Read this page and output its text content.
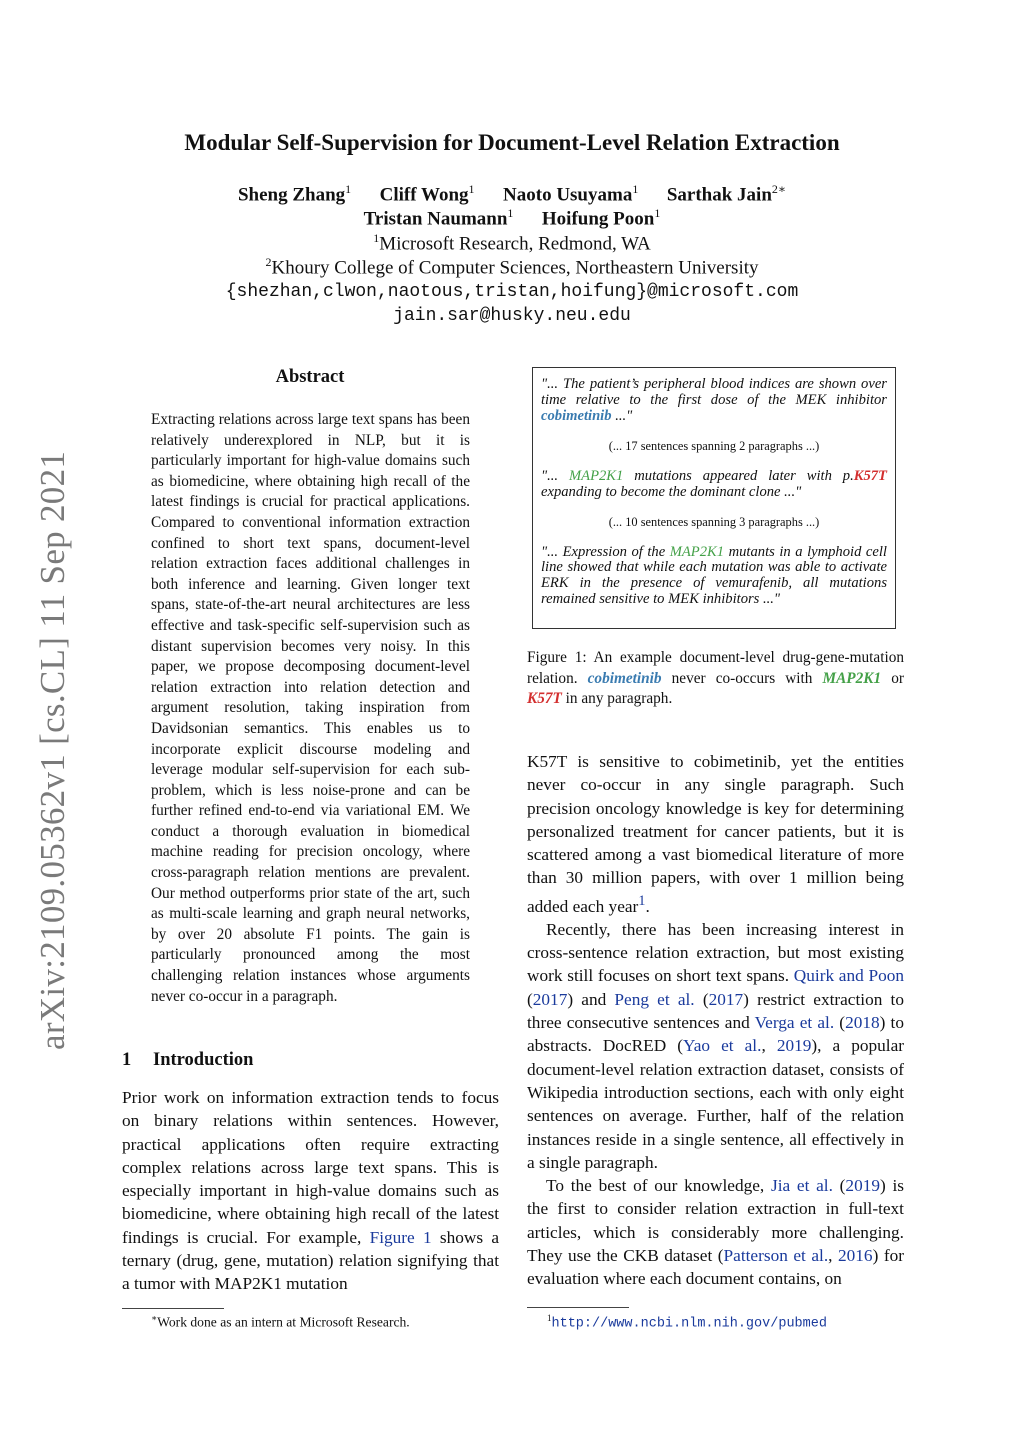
arXiv:2109.05362v1 [cs.CL] 11 Sep 2021
Modular Self-Supervision for Document-Level Relation Extraction
Sheng Zhang$^1$ Cliff Wong$^1$ Naoto Usuyama$^1$ Sarthak Jain$^{2∗}$
Tristan Naumann$^1$ Hoifung Poon$^1$
$^1$Microsoft Research, Redmond, WA
$^2$Khoury College of Computer Sciences, Northeastern University
{shezhan,clwon,naotous,tristan,hoifung}@microsoft.com
jain.sar@husky.neu.edu
Abstract
Extracting relations across large text spans has been relatively underexplored in NLP, but it is particularly important for high-value domains such as biomedicine, where obtaining high recall of the latest findings is crucial for practical applications. Compared to conventional information extraction confined to short text spans, document-level relation extraction faces additional challenges in both inference and learning. Given longer text spans, state-of-the-art neural architectures are less effective and task-specific self-supervision such as distant supervision becomes very noisy. In this paper, we propose decomposing document-level relation extraction into relation detection and argument resolution, taking inspiration from Davidsonian semantics. This enables us to incorporate explicit discourse modeling and leverage modular self-supervision for each sub-problem, which is less noise-prone and can be further refined end-to-end via variational EM. We conduct a thorough evaluation in biomedical machine reading for precision oncology, where cross-paragraph relation mentions are prevalent. Our method outperforms prior state of the art, such as multi-scale learning and graph neural networks, by over 20 absolute F1 points. The gain is particularly pronounced among the most challenging relation instances whose arguments never co-occur in a paragraph.
1 Introduction
Prior work on information extraction tends to focus on binary relations within sentences. However, practical applications often require extracting complex relations across large text spans. This is especially important in high-value domains such as biomedicine, where obtaining high recall of the latest findings is crucial. For example, Figure 1 shows a ternary (drug, gene, mutation) relation signifying that a tumor with MAP2K1 mutation
∗Work done as an intern at Microsoft Research.
"... The patient’s peripheral blood indices are shown over time relative to the first dose of the MEK inhibitor cobimetinib ..."
(... 17 sentences spanning 2 paragraphs ...)
"... MAP2K1 mutations appeared later with p.K57T expanding to become the dominant clone ..."
(... 10 sentences spanning 3 paragraphs ...)
"... Expression of the MAP2K1 mutants in a lymphoid cell line showed that while each mutation was able to activate ERK in the presence of vemurafenib, all mutations remained sensitive to MEK inhibitors ..."
Figure 1: An example document-level drug-gene-mutation relation. cobimetinib never co-occurs with MAP2K1 or K57T in any paragraph.

K57T is sensitive to cobimetinib, yet the entities never co-occur in any single paragraph. Such precision oncology knowledge is key for determining personalized treatment for cancer patients, but it is scattered among a vast biomedical literature of more than 30 million papers, with over 1 million being added each year$^1$.

Recently, there has been increasing interest in cross-sentence relation extraction, but most existing work still focuses on short text spans. Quirk and Poon (2017) and Peng et al. (2017) restrict extraction to three consecutive sentences and Verga et al. (2018) to abstracts. DocRED (Yao et al., 2019), a popular document-level relation extraction dataset, consists of Wikipedia introduction sections, each with only eight sentences on average. Further, half of the relation instances reside in a single sentence, all effectively in a single paragraph.

To the best of our knowledge, Jia et al. (2019) is the first to consider relation extraction in full-text articles, which is considerably more challenging. They use the CKB dataset (Patterson et al., 2016) for evaluation where each document contains, on

$^1$http://www.ncbi.nlm.nih.gov/pubmed
